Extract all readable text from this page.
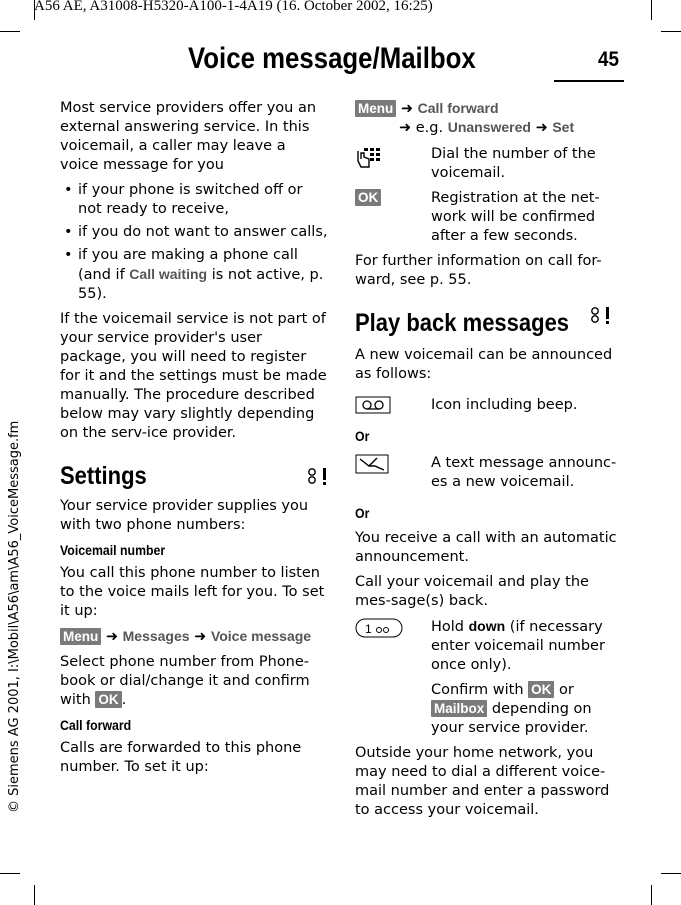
A56 AE, A31008-H5320-A100-1-4A19 (16. October 2002, 16:25)
© Siemens AG 2001, I:\Mobil\A56\am\A56_VoiceMessage.fm
Voice message/Mailbox	45

Most service providers offer you an external answering service. In this voicemail, a caller may leave a voice message for you

• if your phone is switched off or not ready to receive,
• if you do not want to answer calls,
• if you are making a phone call (and if Call waiting is not active, p. 55).

If the voicemail service is not part of your service provider's user package, you will need to register for it and the settings must be made manually. The procedure described below may vary slightly depending on the serv-ice provider.

Settings

Your service provider supplies you with two phone numbers:

Voicemail number

You call this phone number to listen to the voice mails left for you. To set it up:

Menu ➜ Messages ➜ Voice message

Select phone number from Phone-book or dial/change it and confirm with OK .

Call forward

Calls are forwarded to this phone number. To set it up:

Menu ➜ Call forward
➜ e.g. Unanswered ➜ Set
Dial the number of the voicemail.
OK	Registration at the net-work will be confirmed after a few seconds.

For further information on call for-ward, see p. 55.

Play back messages

A new voicemail can be announced as follows:

Icon including beep.
Or
A text message announc-es a new voicemail.
Or

You receive a call with an automatic announcement.

Call your voicemail and play the mes-sage(s) back.

1	Hold down (if necessary enter voicemail number once only).
Confirm with OK or
Mailbox depending on your service provider.

Outside your home network, you may need to dial a different voice-mail number and enter a password to access your voicemail.
